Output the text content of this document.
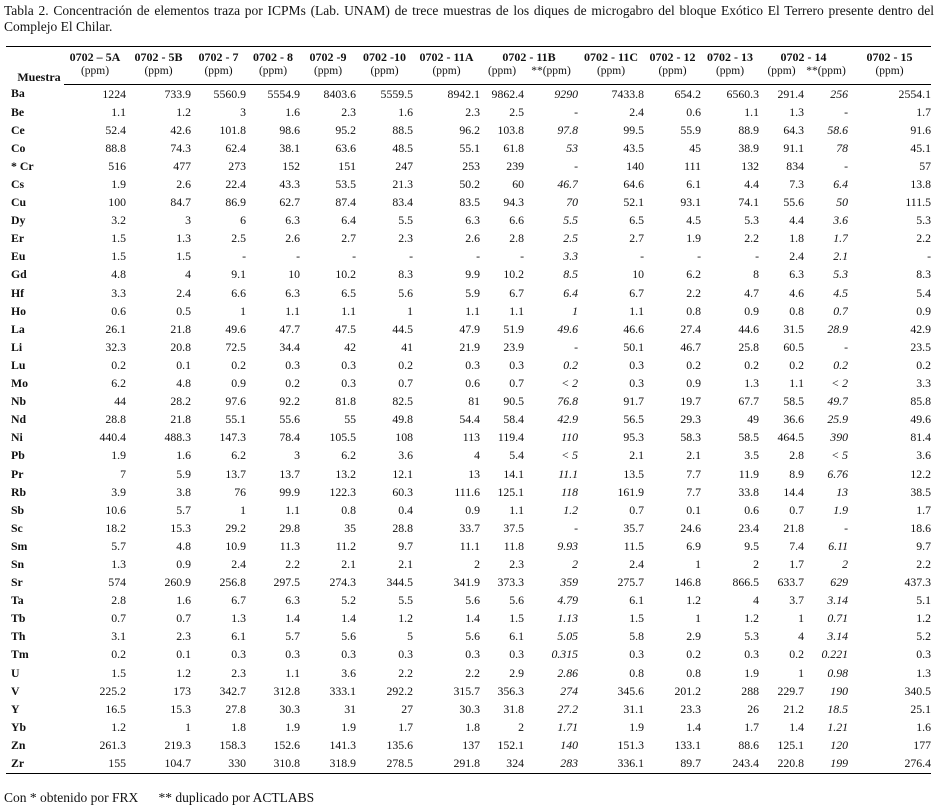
Tabla 2. Concentración de elementos traza por ICPMs (Lab. UNAM) de trece muestras de los diques de microgabro del bloque Exótico El Terrero presente dentro del Complejo El Chilar.
Muestra	0702 – 5A	0702 - 5B	0702 - 7	0702 - 8	0702 -9	0702 -10	0702 - 11A	0702 - 11B		0702 - 11C	0702 - 12	0702 - 13	0702 - 14		0702 - 15
	(ppm)	(ppm)	(ppm)	(ppm)	(ppm)	(ppm)	(ppm)	(ppm)	**(ppm)	(ppm)	(ppm)	(ppm)	(ppm)	**(ppm)	(ppm)
Ba	1224	733.9	5560.9	5554.9	8403.6	5559.5	8942.1	9862.4	9290	7433.8	654.2	6560.3	291.4	256	2554.1
Be	1.1	1.2	3	1.6	2.3	1.6	2.3	2.5	-	2.4	0.6	1.1	1.3	-	1.7
Ce	52.4	42.6	101.8	98.6	95.2	88.5	96.2	103.8	97.8	99.5	55.9	88.9	64.3	58.6	91.6
Co	88.8	74.3	62.4	38.1	63.6	48.5	55.1	61.8	53	43.5	45	38.9	91.1	78	45.1
* Cr	516	477	273	152	151	247	253	239	-	140	111	132	834	-	57
Cs	1.9	2.6	22.4	43.3	53.5	21.3	50.2	60	46.7	64.6	6.1	4.4	7.3	6.4	13.8
Cu	100	84.7	86.9	62.7	87.4	83.4	83.5	94.3	70	52.1	93.1	74.1	55.6	50	111.5
Dy	3.2	3	6	6.3	6.4	5.5	6.3	6.6	5.5	6.5	4.5	5.3	4.4	3.6	5.3
Er	1.5	1.3	2.5	2.6	2.7	2.3	2.6	2.8	2.5	2.7	1.9	2.2	1.8	1.7	2.2
Eu	1.5	1.5	-	-	-	-	-	-	3.3	-	-	-	2.4	2.1	-
Gd	4.8	4	9.1	10	10.2	8.3	9.9	10.2	8.5	10	6.2	8	6.3	5.3	8.3
Hf	3.3	2.4	6.6	6.3	6.5	5.6	5.9	6.7	6.4	6.7	2.2	4.7	4.6	4.5	5.4
Ho	0.6	0.5	1	1.1	1.1	1	1.1	1.1	1	1.1	0.8	0.9	0.8	0.7	0.9
La	26.1	21.8	49.6	47.7	47.5	44.5	47.9	51.9	49.6	46.6	27.4	44.6	31.5	28.9	42.9
Li	32.3	20.8	72.5	34.4	42	41	21.9	23.9	-	50.1	46.7	25.8	60.5	-	23.5
Lu	0.2	0.1	0.2	0.3	0.3	0.2	0.3	0.3	0.2	0.3	0.2	0.2	0.2	0.2	0.2
Mo	6.2	4.8	0.9	0.2	0.3	0.7	0.6	0.7	< 2	0.3	0.9	1.3	1.1	< 2	3.3
Nb	44	28.2	97.6	92.2	81.8	82.5	81	90.5	76.8	91.7	19.7	67.7	58.5	49.7	85.8
Nd	28.8	21.8	55.1	55.6	55	49.8	54.4	58.4	42.9	56.5	29.3	49	36.6	25.9	49.6
Ni	440.4	488.3	147.3	78.4	105.5	108	113	119.4	110	95.3	58.3	58.5	464.5	390	81.4
Pb	1.9	1.6	6.2	3	6.2	3.6	4	5.4	< 5	2.1	2.1	3.5	2.8	< 5	3.6
Pr	7	5.9	13.7	13.7	13.2	12.1	13	14.1	11.1	13.5	7.7	11.9	8.9	6.76	12.2
Rb	3.9	3.8	76	99.9	122.3	60.3	111.6	125.1	118	161.9	7.7	33.8	14.4	13	38.5
Sb	10.6	5.7	1	1.1	0.8	0.4	0.9	1.1	1.2	0.7	0.1	0.6	0.7	1.9	1.7
Sc	18.2	15.3	29.2	29.8	35	28.8	33.7	37.5	-	35.7	24.6	23.4	21.8	-	18.6
Sm	5.7	4.8	10.9	11.3	11.2	9.7	11.1	11.8	9.93	11.5	6.9	9.5	7.4	6.11	9.7
Sn	1.3	0.9	2.4	2.2	2.1	2.1	2	2.3	2	2.4	1	2	1.7	2	2.2
Sr	574	260.9	256.8	297.5	274.3	344.5	341.9	373.3	359	275.7	146.8	866.5	633.7	629	437.3
Ta	2.8	1.6	6.7	6.3	5.2	5.5	5.6	5.6	4.79	6.1	1.2	4	3.7	3.14	5.1
Tb	0.7	0.7	1.3	1.4	1.4	1.2	1.4	1.5	1.13	1.5	1	1.2	1	0.71	1.2
Th	3.1	2.3	6.1	5.7	5.6	5	5.6	6.1	5.05	5.8	2.9	5.3	4	3.14	5.2
Tm	0.2	0.1	0.3	0.3	0.3	0.3	0.3	0.3	0.315	0.3	0.2	0.3	0.2	0.221	0.3
U	1.5	1.2	2.3	1.1	3.6	2.2	2.2	2.9	2.86	0.8	0.8	1.9	1	0.98	1.3
V	225.2	173	342.7	312.8	333.1	292.2	315.7	356.3	274	345.6	201.2	288	229.7	190	340.5
Y	16.5	15.3	27.8	30.3	31	27	30.3	31.8	27.2	31.1	23.3	26	21.2	18.5	25.1
Yb	1.2	1	1.8	1.9	1.9	1.7	1.8	2	1.71	1.9	1.4	1.7	1.4	1.21	1.6
Zn	261.3	219.3	158.3	152.6	141.3	135.6	137	152.1	140	151.3	133.1	88.6	125.1	120	177
Zr	155	104.7	330	310.8	318.9	278.5	291.8	324	283	336.1	89.7	243.4	220.8	199	276.4
Con * obtenido por FRX      ** duplicado por ACTLABS
